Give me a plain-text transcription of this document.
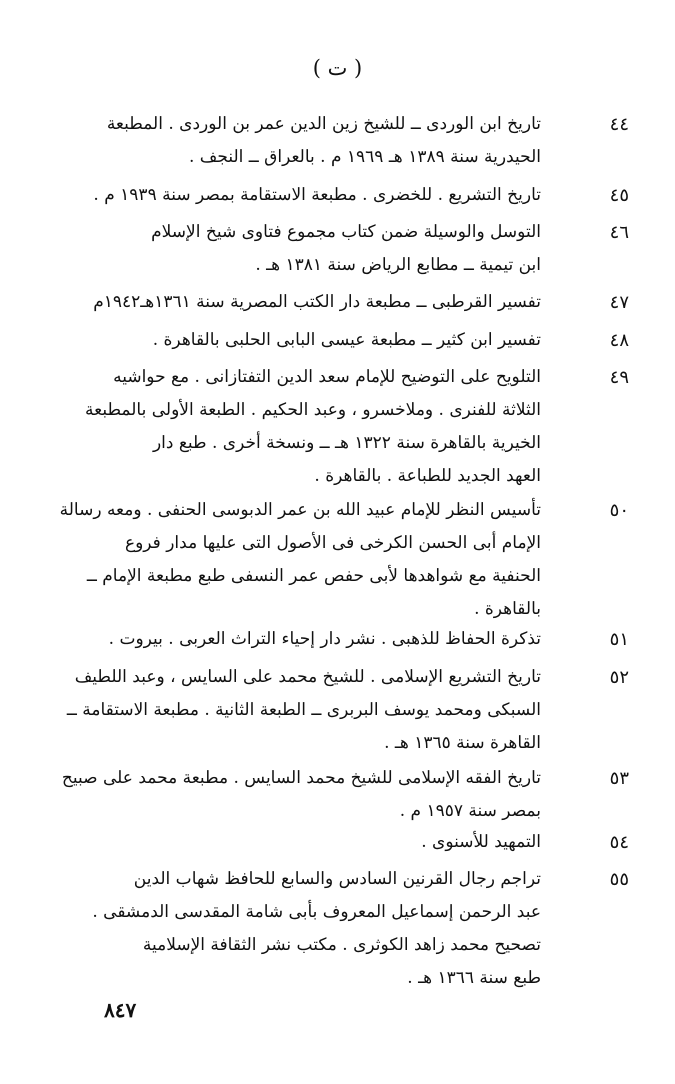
( ت )
٤٤
تاريخ ابن الوردى ــ للشيخ زين الدين عمر بن الوردى . المطبعة
الحيدرية سنة ١٣٨٩ هـ ١٩٦٩ م . بالعراق ــ النجف .
٤٥
تاريخ التشريع . للخضرى . مطبعة الاستقامة بمصر سنة ١٩٣٩ م .
٤٦
التوسل والوسيلة ضمن كتاب مجموع فتاوى شيخ الإسلام
ابن تيمية ــ مطابع الرياض سنة ١٣٨١ هـ .
٤٧
تفسير القرطبى ــ مطبعة دار الكتب المصرية سنة ١٣٦١هـ١٩٤٢م
٤٨
تفسير ابن كثير ــ مطبعة عيسى البابى الحلبى بالقاهرة .
٤٩
التلويح على التوضيح للإمام سعد الدين التفتازانى . مع حواشيه
الثلاثة للفنرى . وملاخسرو ، وعبد الحكيم . الطبعة الأولى بالمطبعة
الخيرية بالقاهرة سنة ١٣٢٢ هـ ــ ونسخة أخرى . طبع دار
العهد الجديد للطباعة . بالقاهرة .
٥٠
تأسيس النظر للإمام عبيد الله بن عمر الدبوسى الحنفى . ومعه رسالة
الإمام أبى الحسن الكرخى فى الأصول التى عليها مدار فروع
الحنفية مع شواهدها لأبى حفص عمر النسفى طبع مطبعة الإمام ــ
بالقاهرة .
٥١
تذكرة الحفاظ للذهبى . نشر دار إحياء التراث العربى . بيروت .
٥٢
تاريخ التشريع الإسلامى . للشيخ محمد على السايس ، وعبد اللطيف
السبكى ومحمد يوسف البربرى ــ الطبعة الثانية . مطبعة الاستقامة ــ
القاهرة سنة ١٣٦٥ هـ .
٥٣
تاريخ الفقه الإسلامى للشيخ محمد السايس . مطبعة محمد على صبيح
بمصر سنة ١٩٥٧ م .
٥٤
التمهيد للأسنوى .
٥٥
تراجم رجال القرنين السادس والسابع للحافظ شهاب الدين
عبد الرحمن إسماعيل المعروف بأبى شامة المقدسى الدمشقى .
تصحيح محمد زاهد الكوثرى . مكتب نشر الثقافة الإسلامية
طبع سنة ١٣٦٦ هـ .
٨٤٧
